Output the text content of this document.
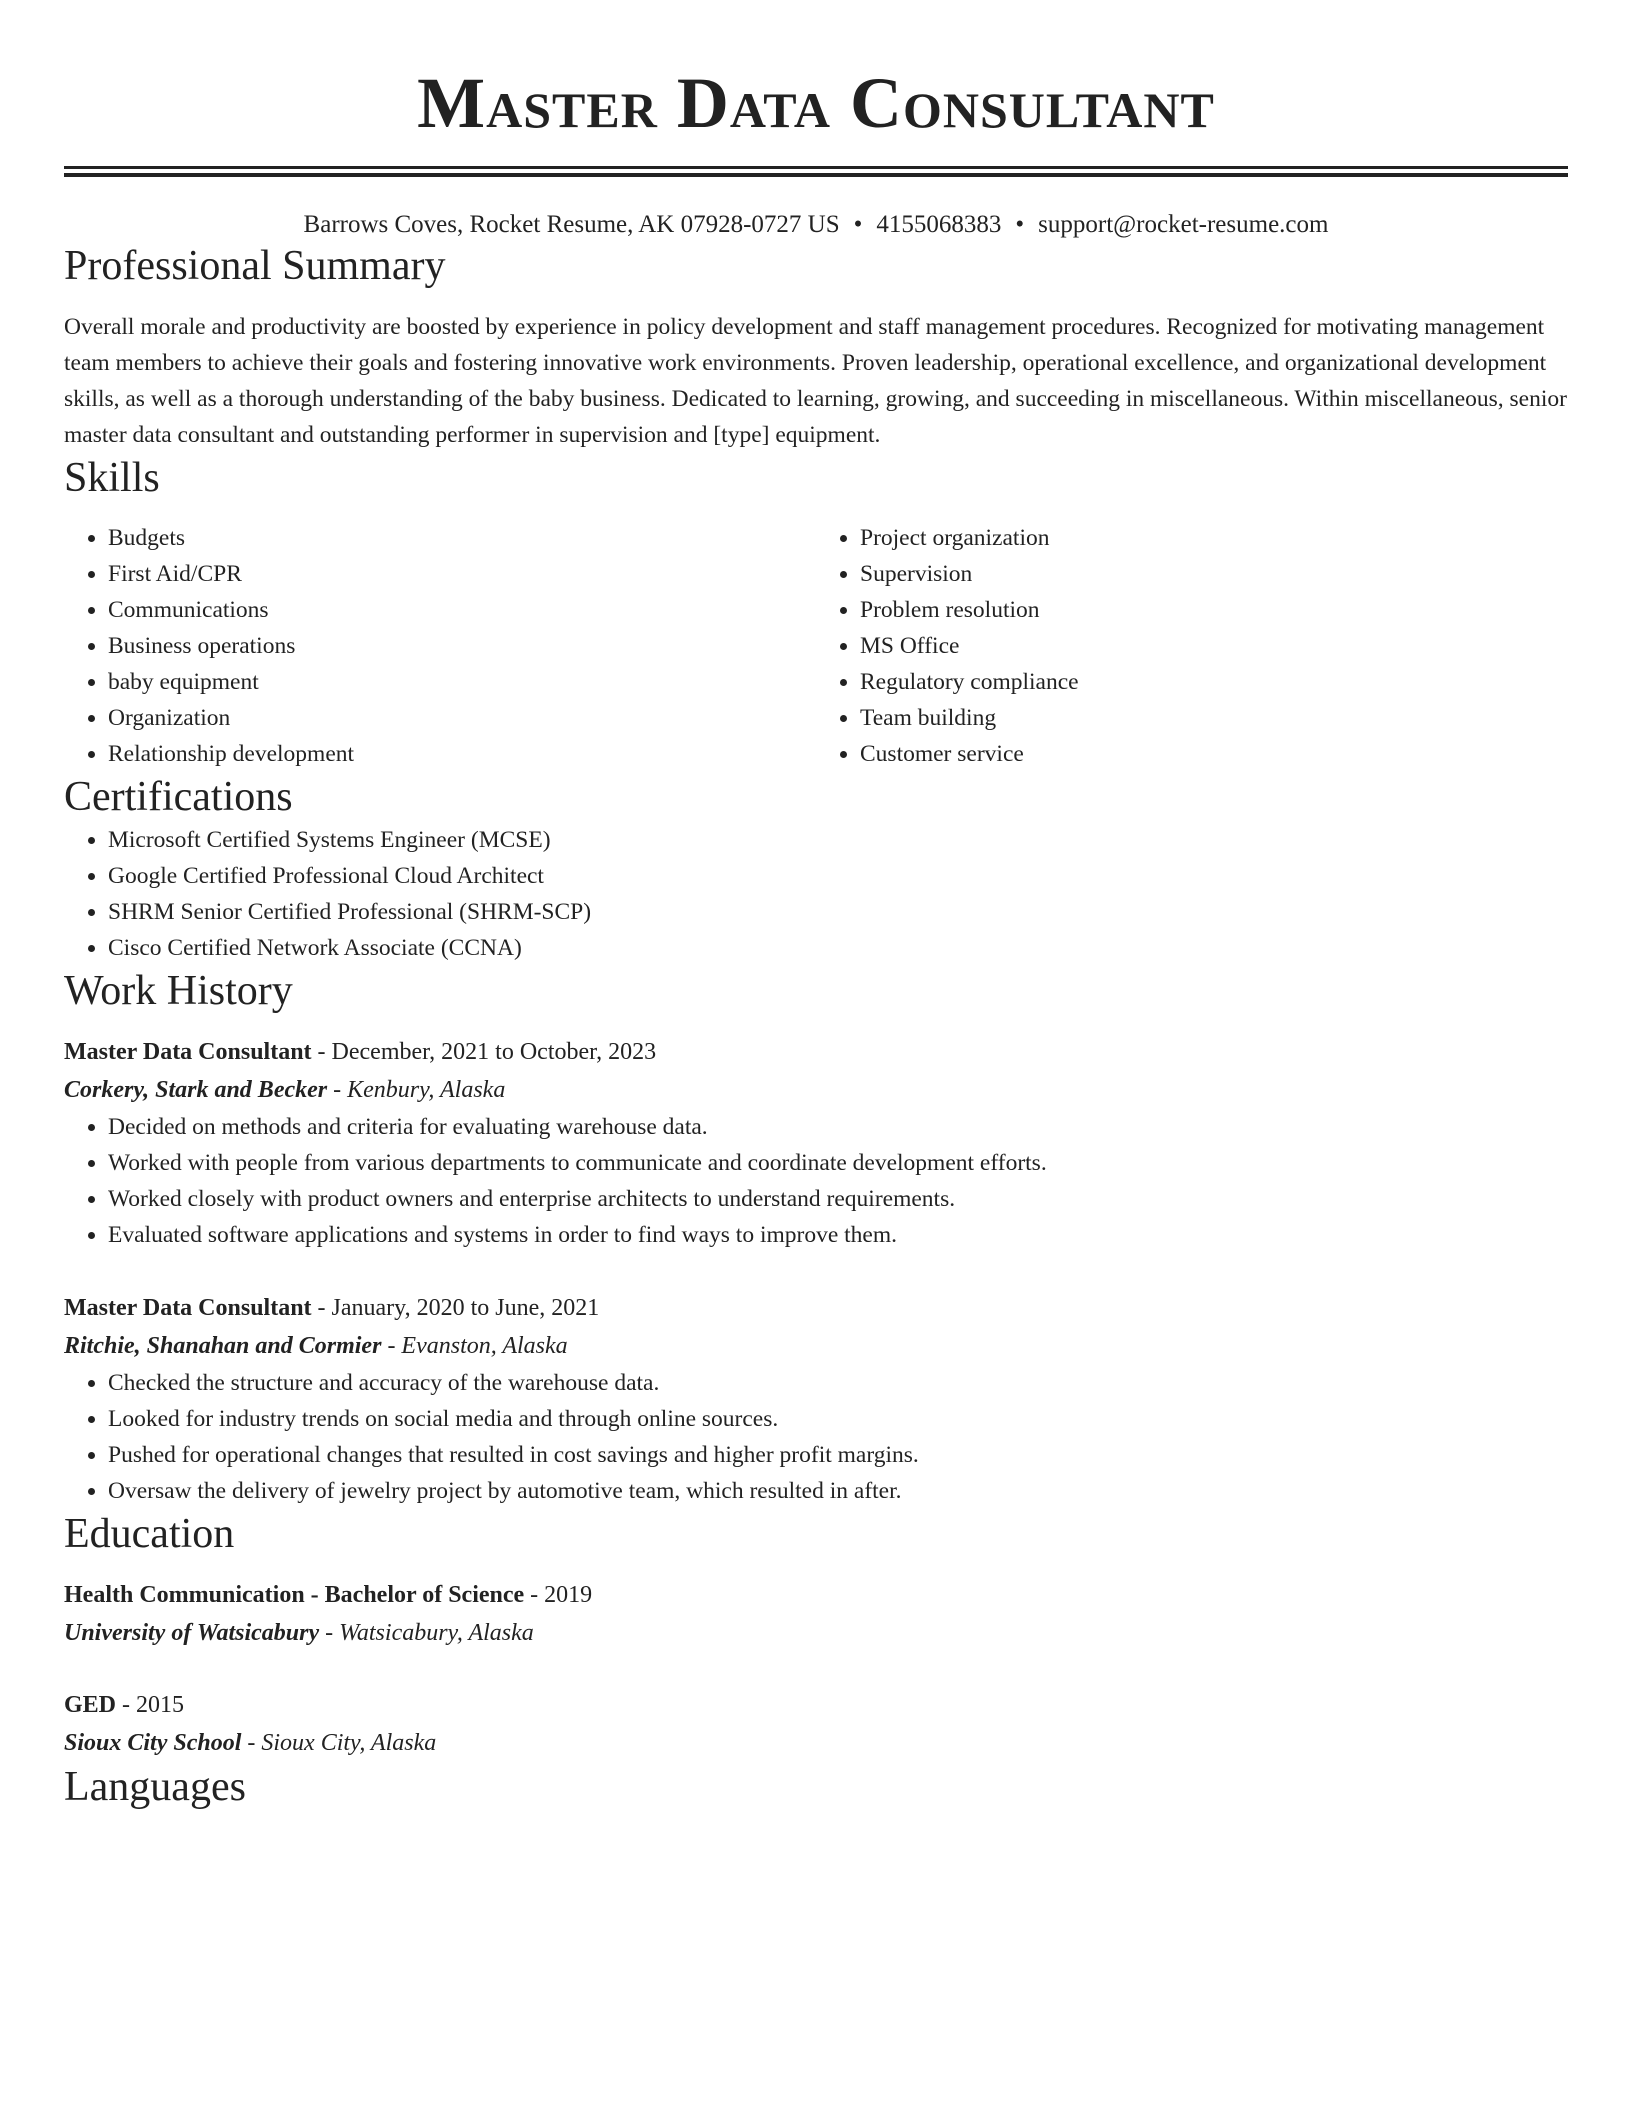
Master Data Consultant
Barrows Coves, Rocket Resume, AK 07928-0727 US • 4155068383 • support@rocket-resume.com
Professional Summary
Overall morale and productivity are boosted by experience in policy development and staff management procedures. Recognized for motivating management team members to achieve their goals and fostering innovative work environments. Proven leadership, operational excellence, and organizational development skills, as well as a thorough understanding of the baby business. Dedicated to learning, growing, and succeeding in miscellaneous. Within miscellaneous, senior master data consultant and outstanding performer in supervision and [type] equipment.
Skills
• Budgets
• First Aid/CPR
• Communications
• Business operations
• baby equipment
• Organization
• Relationship development
• Project organization
• Supervision
• Problem resolution
• MS Office
• Regulatory compliance
• Team building
• Customer service
Certifications
• Microsoft Certified Systems Engineer (MCSE)
• Google Certified Professional Cloud Architect
• SHRM Senior Certified Professional (SHRM-SCP)
• Cisco Certified Network Associate (CCNA)
Work History
Master Data Consultant - December, 2021 to October, 2023
Corkery, Stark and Becker - Kenbury, Alaska
• Decided on methods and criteria for evaluating warehouse data.
• Worked with people from various departments to communicate and coordinate development efforts.
• Worked closely with product owners and enterprise architects to understand requirements.
• Evaluated software applications and systems in order to find ways to improve them.
Master Data Consultant - January, 2020 to June, 2021
Ritchie, Shanahan and Cormier - Evanston, Alaska
• Checked the structure and accuracy of the warehouse data.
• Looked for industry trends on social media and through online sources.
• Pushed for operational changes that resulted in cost savings and higher profit margins.
• Oversaw the delivery of jewelry project by automotive team, which resulted in after.
Education
Health Communication - Bachelor of Science - 2019
University of Watsicabury - Watsicabury, Alaska
GED - 2015
Sioux City School - Sioux City, Alaska
Languages
